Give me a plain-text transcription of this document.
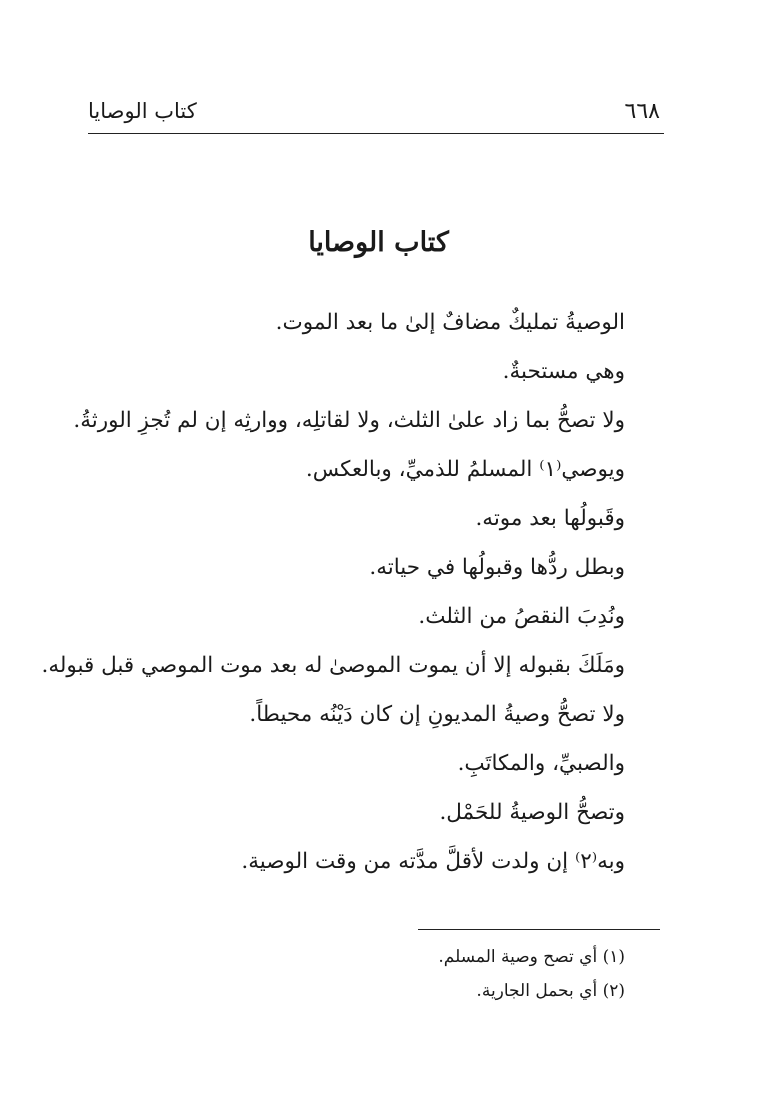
٦٦٨
كتاب الوصايا
كتاب الوصايا
الوصيةُ تمليكٌ مضافٌ إلىٰ ما بعد الموت.
وهي مستحبةٌ.
ولا تصحُّ بما زاد علىٰ الثلث، ولا لقاتلِه، ووارثِه إن لم تُجزِ الورثةُ.
ويوصي⁽١⁾ المسلمُ للذميِّ، وبالعكس.
وقَبولُها بعد موته.
وبطل ردُّها وقبولُها في حياته.
ونُدِبَ النقصُ من الثلث.
ومَلَكَ بقبوله إلا أن يموت الموصىٰ له بعد موت الموصي قبل قبوله.
ولا تصحُّ وصيةُ المديونِ إن كان دَيْنُه محيطاً.
والصبيِّ، والمكاتَبِ.
وتصحُّ الوصيةُ للحَمْل.
وبه⁽٢⁾ إن ولدت لأقلَّ مدَّته من وقت الوصية.
(١) أي تصح وصية المسلم.
(٢) أي بحمل الجارية.
